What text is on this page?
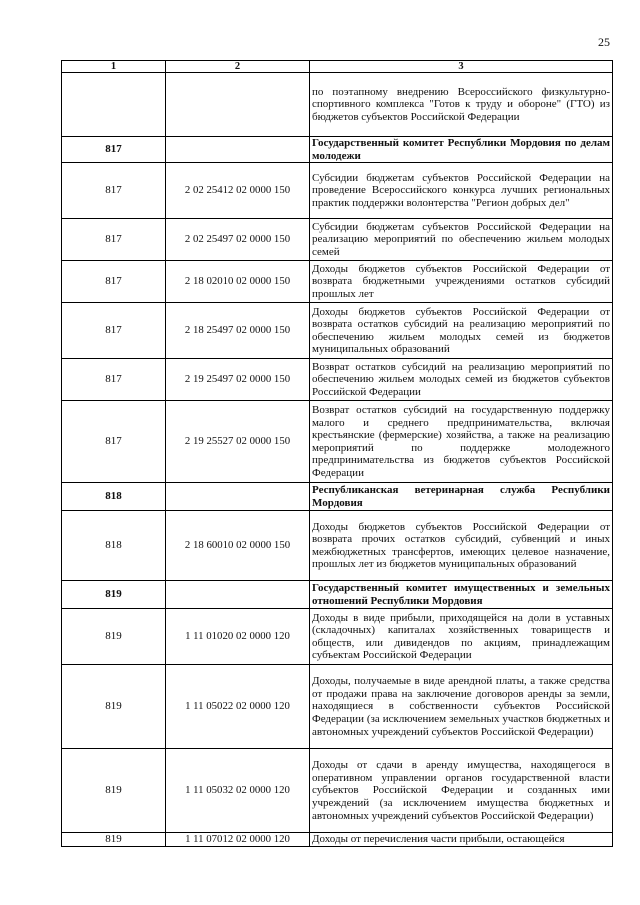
25
1	2	3
		по поэтапному внедрению Всероссийского физкультурно-спортивного комплекса "Готов к труду и обороне" (ГТО) из бюджетов субъектов Российской Федерации
817		Государственный комитет Республики Мордовия по делам молодежи
817	2 02 25412 02 0000 150	Субсидии бюджетам субъектов Российской Федерации на проведение Всероссийского конкурса лучших региональных практик поддержки волонтерства "Регион добрых дел"
817	2 02 25497 02 0000 150	Субсидии бюджетам субъектов Российской Федерации на реализацию мероприятий по обеспечению жильем молодых семей
817	2 18 02010 02 0000 150	Доходы бюджетов субъектов Российской Федерации от возврата бюджетными учреждениями остатков субсидий прошлых лет
817	2 18 25497 02 0000 150	Доходы бюджетов субъектов Российской Федерации от возврата остатков субсидий на реализацию мероприятий по обеспечению жильем молодых семей из бюджетов муниципальных образований
817	2 19 25497 02 0000 150	Возврат остатков субсидий на реализацию мероприятий по обеспечению жильем молодых семей из бюджетов субъектов Российской Федерации
817	2 19 25527 02 0000 150	Возврат остатков субсидий на государственную поддержку малого и среднего предпринимательства, включая крестьянские (фермерские) хозяйства, а также на реализацию мероприятий по поддержке молодежного предпринимательства из бюджетов субъектов Российской Федерации
818		Республиканская ветеринарная служба Республики Мордовия
818	2 18 60010 02 0000 150	Доходы бюджетов субъектов Российской Федерации от возврата прочих остатков субсидий, субвенций и иных межбюджетных трансфертов, имеющих целевое назначение, прошлых лет из бюджетов муниципальных образований
819		Государственный комитет имущественных и земельных отношений Республики Мордовия
819	1 11 01020 02 0000 120	Доходы в виде прибыли, приходящейся на доли в уставных (складочных) капиталах хозяйственных товариществ и обществ, или дивидендов по акциям, принадлежащим субъектам Российской Федерации
819	1 11 05022 02 0000 120	Доходы, получаемые в виде арендной платы, а также средства от продажи права на заключение договоров аренды за земли, находящиеся в собственности субъектов Российской Федерации (за исключением земельных участков бюджетных и автономных учреждений субъектов Российской Федерации)
819	1 11 05032 02 0000 120	Доходы от сдачи в аренду имущества, находящегося в оперативном управлении органов государственной власти субъектов Российской Федерации и созданных ими учреждений (за исключением имущества бюджетных и автономных учреждений субъектов Российской Федерации)
819	1 11 07012 02 0000 120	Доходы от перечисления части прибыли, остающейся
